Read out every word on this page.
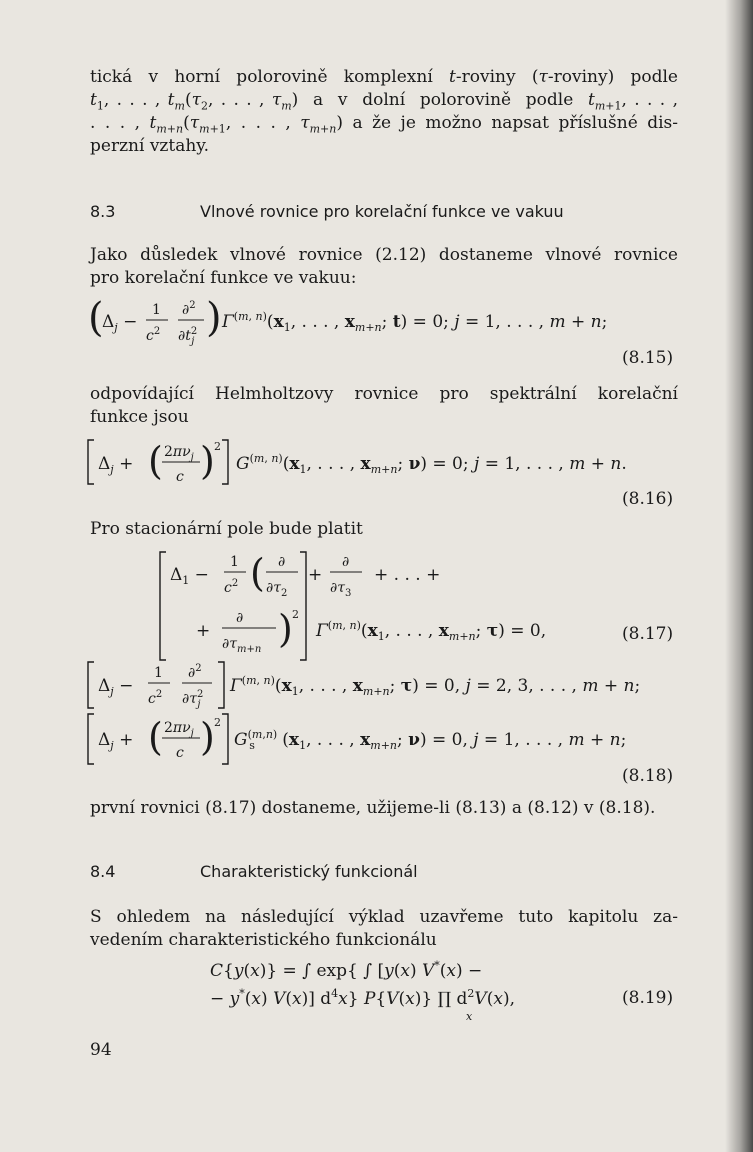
tická v horní polorovině komplexní t-roviny (τ-roviny) podle
$t_1$, . . . , $t_m(\tau_2$, . . . , $\tau_m$)  a  v  dolní  polorovině  podle  $t_{m+1}$, . . . ,
. . . , $t_{m+n}(\tau_{m+1}$, . . . , $\tau_{m+n}$) a že je možno napsat příslušné dis-
perzní vztahy.
8.3	Vlnové rovnice pro korelační funkce ve vakuu
Jako důsledek vlnové rovnice (2.12) dostaneme vlnové rovnice
pro korelační funkce ve vakuu:
(
$\Delta_j$ −
1
$c^2$
∂$^2$
$\partial t^2$ j
) $\Gamma^{(m, n)}(x_1$, . . . , $x_m+n$; t) = 0; j = 1, . . . , m + n;
(8.15)
odpovídající Helmholtzovy rovnice pro spektrální korelační
funkce jsou
$\Delta_j$ + ( $2\pi\nu_j$
c ) 2
$G^{(m, n)}(x_1$, . . . , $x_m+n$; ν) = 0; j = 1, . . . , m + n.
(8.16)
Pro stacionární pole bude platit
$\Delta_1$ −
1
$c^2$ ( ∂
$\partial\tau_2$
+
∂
$\partial\tau_3$
+ . . . +
+
∂
$\partial\tau_m+n$ ) 2
$\Gamma^{(m, n)}(x_1$, . . . , $x_m+n$; τ) = 0,	(8.17)
$\Delta_j$ −
1
$c^2$
∂$^2$
$\partial\tau^2$ j
$\Gamma^{(m, n)}(x_1$, . . . , $x_m+n$; τ) = 0, j = 2, 3, . . . , m + n;
$\Delta_j$ + ( $2\pi\nu_j$
c ) 2
G$^{(m,n)}$ s ($x_1$, . . . , $x_m+n$; ν) = 0, j = 1, . . . , m + n;
(8.18)
první rovnici (8.17) dostaneme, užijeme-li (8.13) a (8.12) v (8.18).
8.4	Charakteristický funkcionál
S ohledem na následující výklad uzavřeme tuto kapitolu za-
vedením charakteristického funkcionálu
C{y(x)} = ∫ exp{ ∫ [y(x) V*(x) −
− y*(x) V(x)] $d^4x$} P{V(x)} ∏ $d^2V(x)$,
x
(8.19)
94
